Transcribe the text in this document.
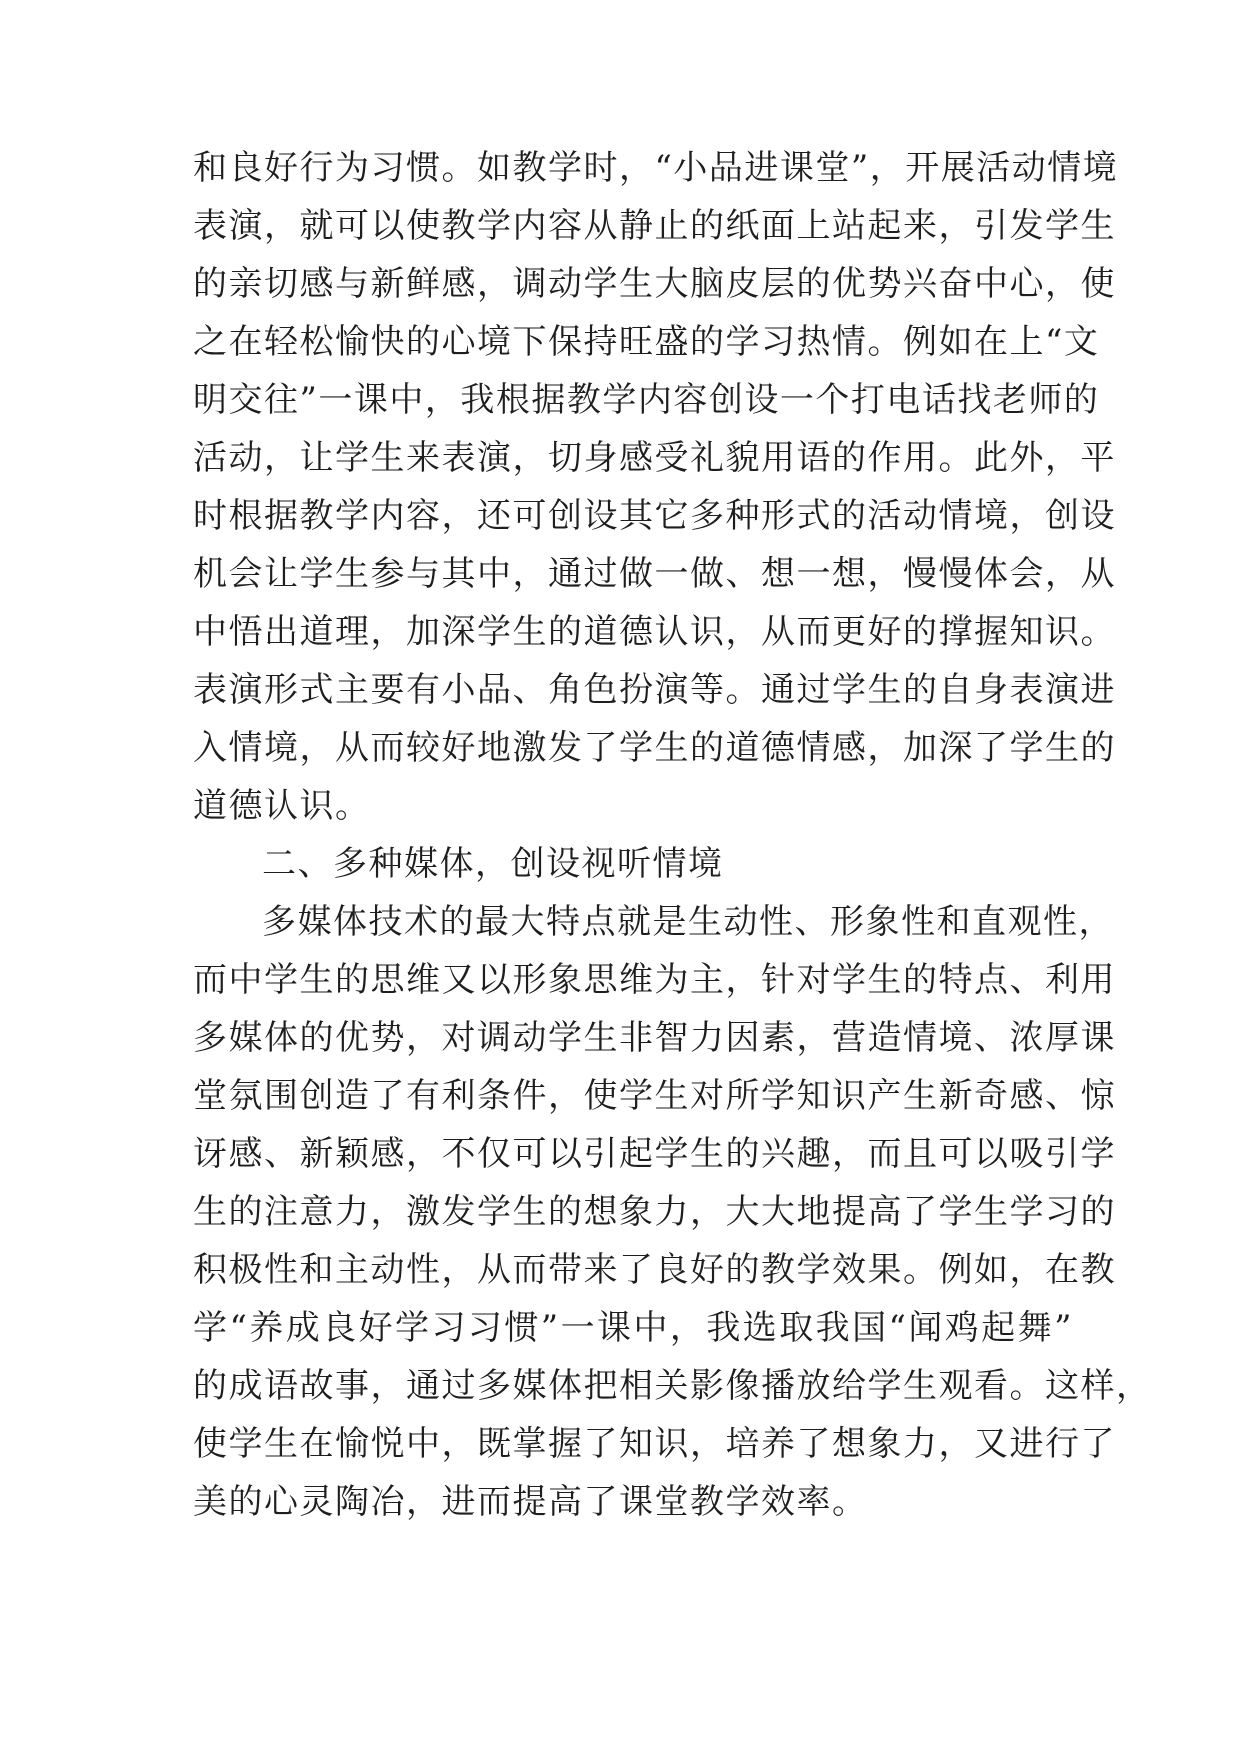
和良好行为习惯。如教学时，“小品进课堂”，开展活动情境
表演，就可以使教学内容从静止的纸面上站起来，引发学生
的亲切感与新鲜感，调动学生大脑皮层的优势兴奋中心，使
之在轻松愉快的心境下保持旺盛的学习热情。例如在上“文
明交往”一课中，我根据教学内容创设一个打电话找老师的
活动，让学生来表演，切身感受礼貌用语的作用。此外，平
时根据教学内容，还可创设其它多种形式的活动情境，创设
机会让学生参与其中，通过做一做、想一想，慢慢体会，从
中悟出道理，加深学生的道德认识，从而更好的撑握知识。
表演形式主要有小品、角色扮演等。通过学生的自身表演进
入情境，从而较好地激发了学生的道德情感，加深了学生的
道德认识。
二、多种媒体，创设视听情境
多媒体技术的最大特点就是生动性、形象性和直观性，
而中学生的思维又以形象思维为主，针对学生的特点、利用
多媒体的优势，对调动学生非智力因素，营造情境、浓厚课
堂氛围创造了有利条件，使学生对所学知识产生新奇感、惊
讶感、新颖感，不仅可以引起学生的兴趣，而且可以吸引学
生的注意力，激发学生的想象力，大大地提高了学生学习的
积极性和主动性，从而带来了良好的教学效果。例如，在教
学“养成良好学习习惯”一课中，我选取我国“闻鸡起舞”
的成语故事，通过多媒体把相关影像播放给学生观看。这样，
使学生在愉悦中，既掌握了知识，培养了想象力，又进行了
美的心灵陶冶，进而提高了课堂教学效率。
